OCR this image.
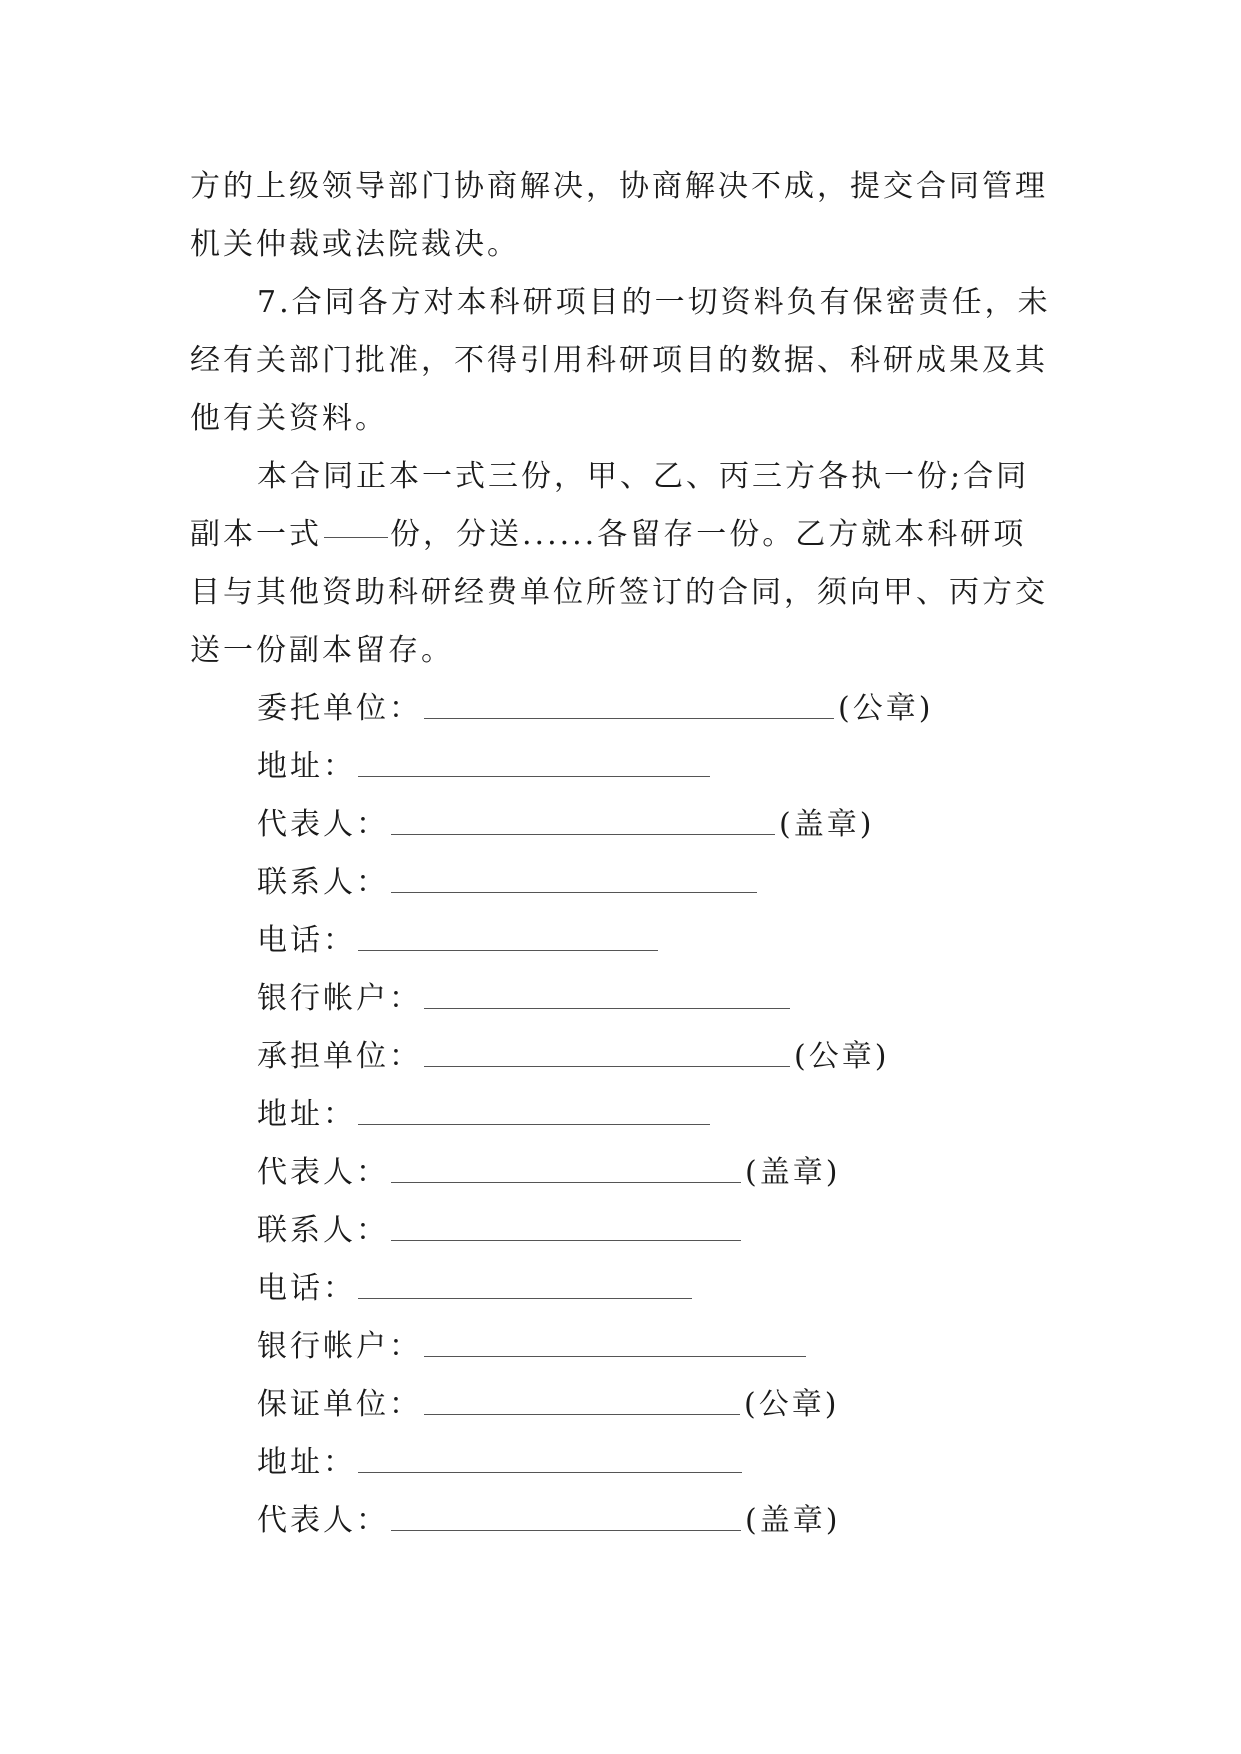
方的上级领导部门协商解决，协商解决不成，提交合同管理

机关仲裁或法院裁决。

7.合同各方对本科研项目的一切资料负有保密责任，未

经有关部门批准，不得引用科研项目的数据、科研成果及其

他有关资料。

本合同正本一式三份，甲、乙、丙三方各执一份;合同

副本一式 份，分送......各留存一份。乙方就本科研项

目与其他资助科研经费单位所签订的合同，须向甲、丙方交

送一份副本留存。

委托单位：	(公章)
地址：
代表人：	(盖章)
联系人：
电话：
银行帐户：
承担单位：	(公章)
地址：
代表人：	(盖章)
联系人：
电话：
银行帐户：
保证单位：	(公章)
地址：
代表人：	(盖章)
